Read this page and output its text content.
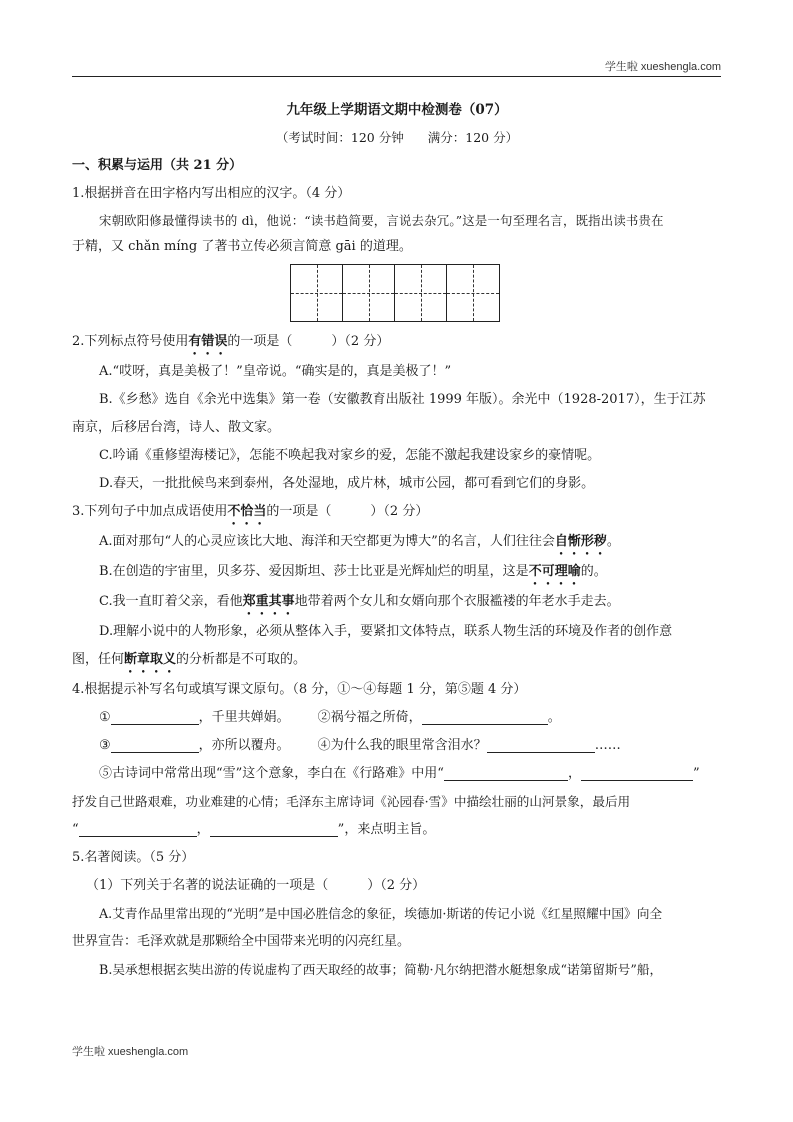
学生啦 xueshengla.com

九年级上学期语文期中检测卷（07）

（考试时间：120 分钟 满分：120 分）

一、积累与运用（共 21 分）

1.根据拼音在田字格内写出相应的汉字。（4 分）

宋朝欧阳修最懂得读书的 dì，他说：“读书趋简要，言说去杂冗。”这是一句至理名言，既指出读书贵在

于精，又 chǎn míng 了著书立传必须言简意 gāi 的道理。

2.下列标点符号使用有错误的一项是（　　　）（2 分）

A.“哎呀，真是美极了！”皇帝说。“确实是的，真是美极了！”

B.《乡愁》选自《余光中选集》第一卷（安徽教育出版社 1999 年版）。余光中（1928-2017），生于江苏

南京，后移居台湾，诗人、散文家。

C.吟诵《重修望海楼记》，怎能不唤起我对家乡的爱，怎能不激起我建设家乡的豪情呢。

D.春天，一批批候鸟来到泰州，各处湿地，成片林，城市公园，都可看到它们的身影。

3.下列句子中加点成语使用不恰当的一项是（　　　）（2 分）

A.面对那句“人的心灵应该比大地、海洋和天空都更为博大”的名言，人们往往会自惭形秽。

B.在创造的宇宙里，贝多芬、爱因斯坦、莎士比亚是光辉灿烂的明星，这是不可理喻的。

C.我一直盯着父亲，看他郑重其事地带着两个女儿和女婿向那个衣服褴褛的年老水手走去。

D.理解小说中的人物形象，必须从整体入手，要紧扣文体特点，联系人物生活的环境及作者的创作意

图，任何断章取义的分析都是不可取的。

4.根据提示补写名句或填写课文原句。（8 分，①～④每题 1 分，第⑤题 4 分）

①	，千里共婵娟。 ②祸兮福之所倚，	。

③	，亦所以覆舟。 ④为什么我的眼里常含泪水？	……

⑤古诗词中常常出现“雪”这个意象，李白在《行路难》中用“	，	”

抒发自己世路艰难，功业难建的心情；毛泽东主席诗词《沁园春·雪》中描绘壮丽的山河景象，最后用

“	，	”，来点明主旨。

5.名著阅读。（5 分）

（1）下列关于名著的说法证确的一项是（　　　）（2 分）

A.艾青作品里常出现的“光明”是中国必胜信念的象征，埃德加·斯诺的传记小说《红星照耀中国》向全

世界宣告：毛泽欢就是那颗给全中国带来光明的闪亮红星。

B.吴承想根据玄奘出游的传说虚构了西天取经的故事；简勒·凡尔纳把潜水艇想象成“诺第留斯号”船，

学生啦 xueshengla.com
